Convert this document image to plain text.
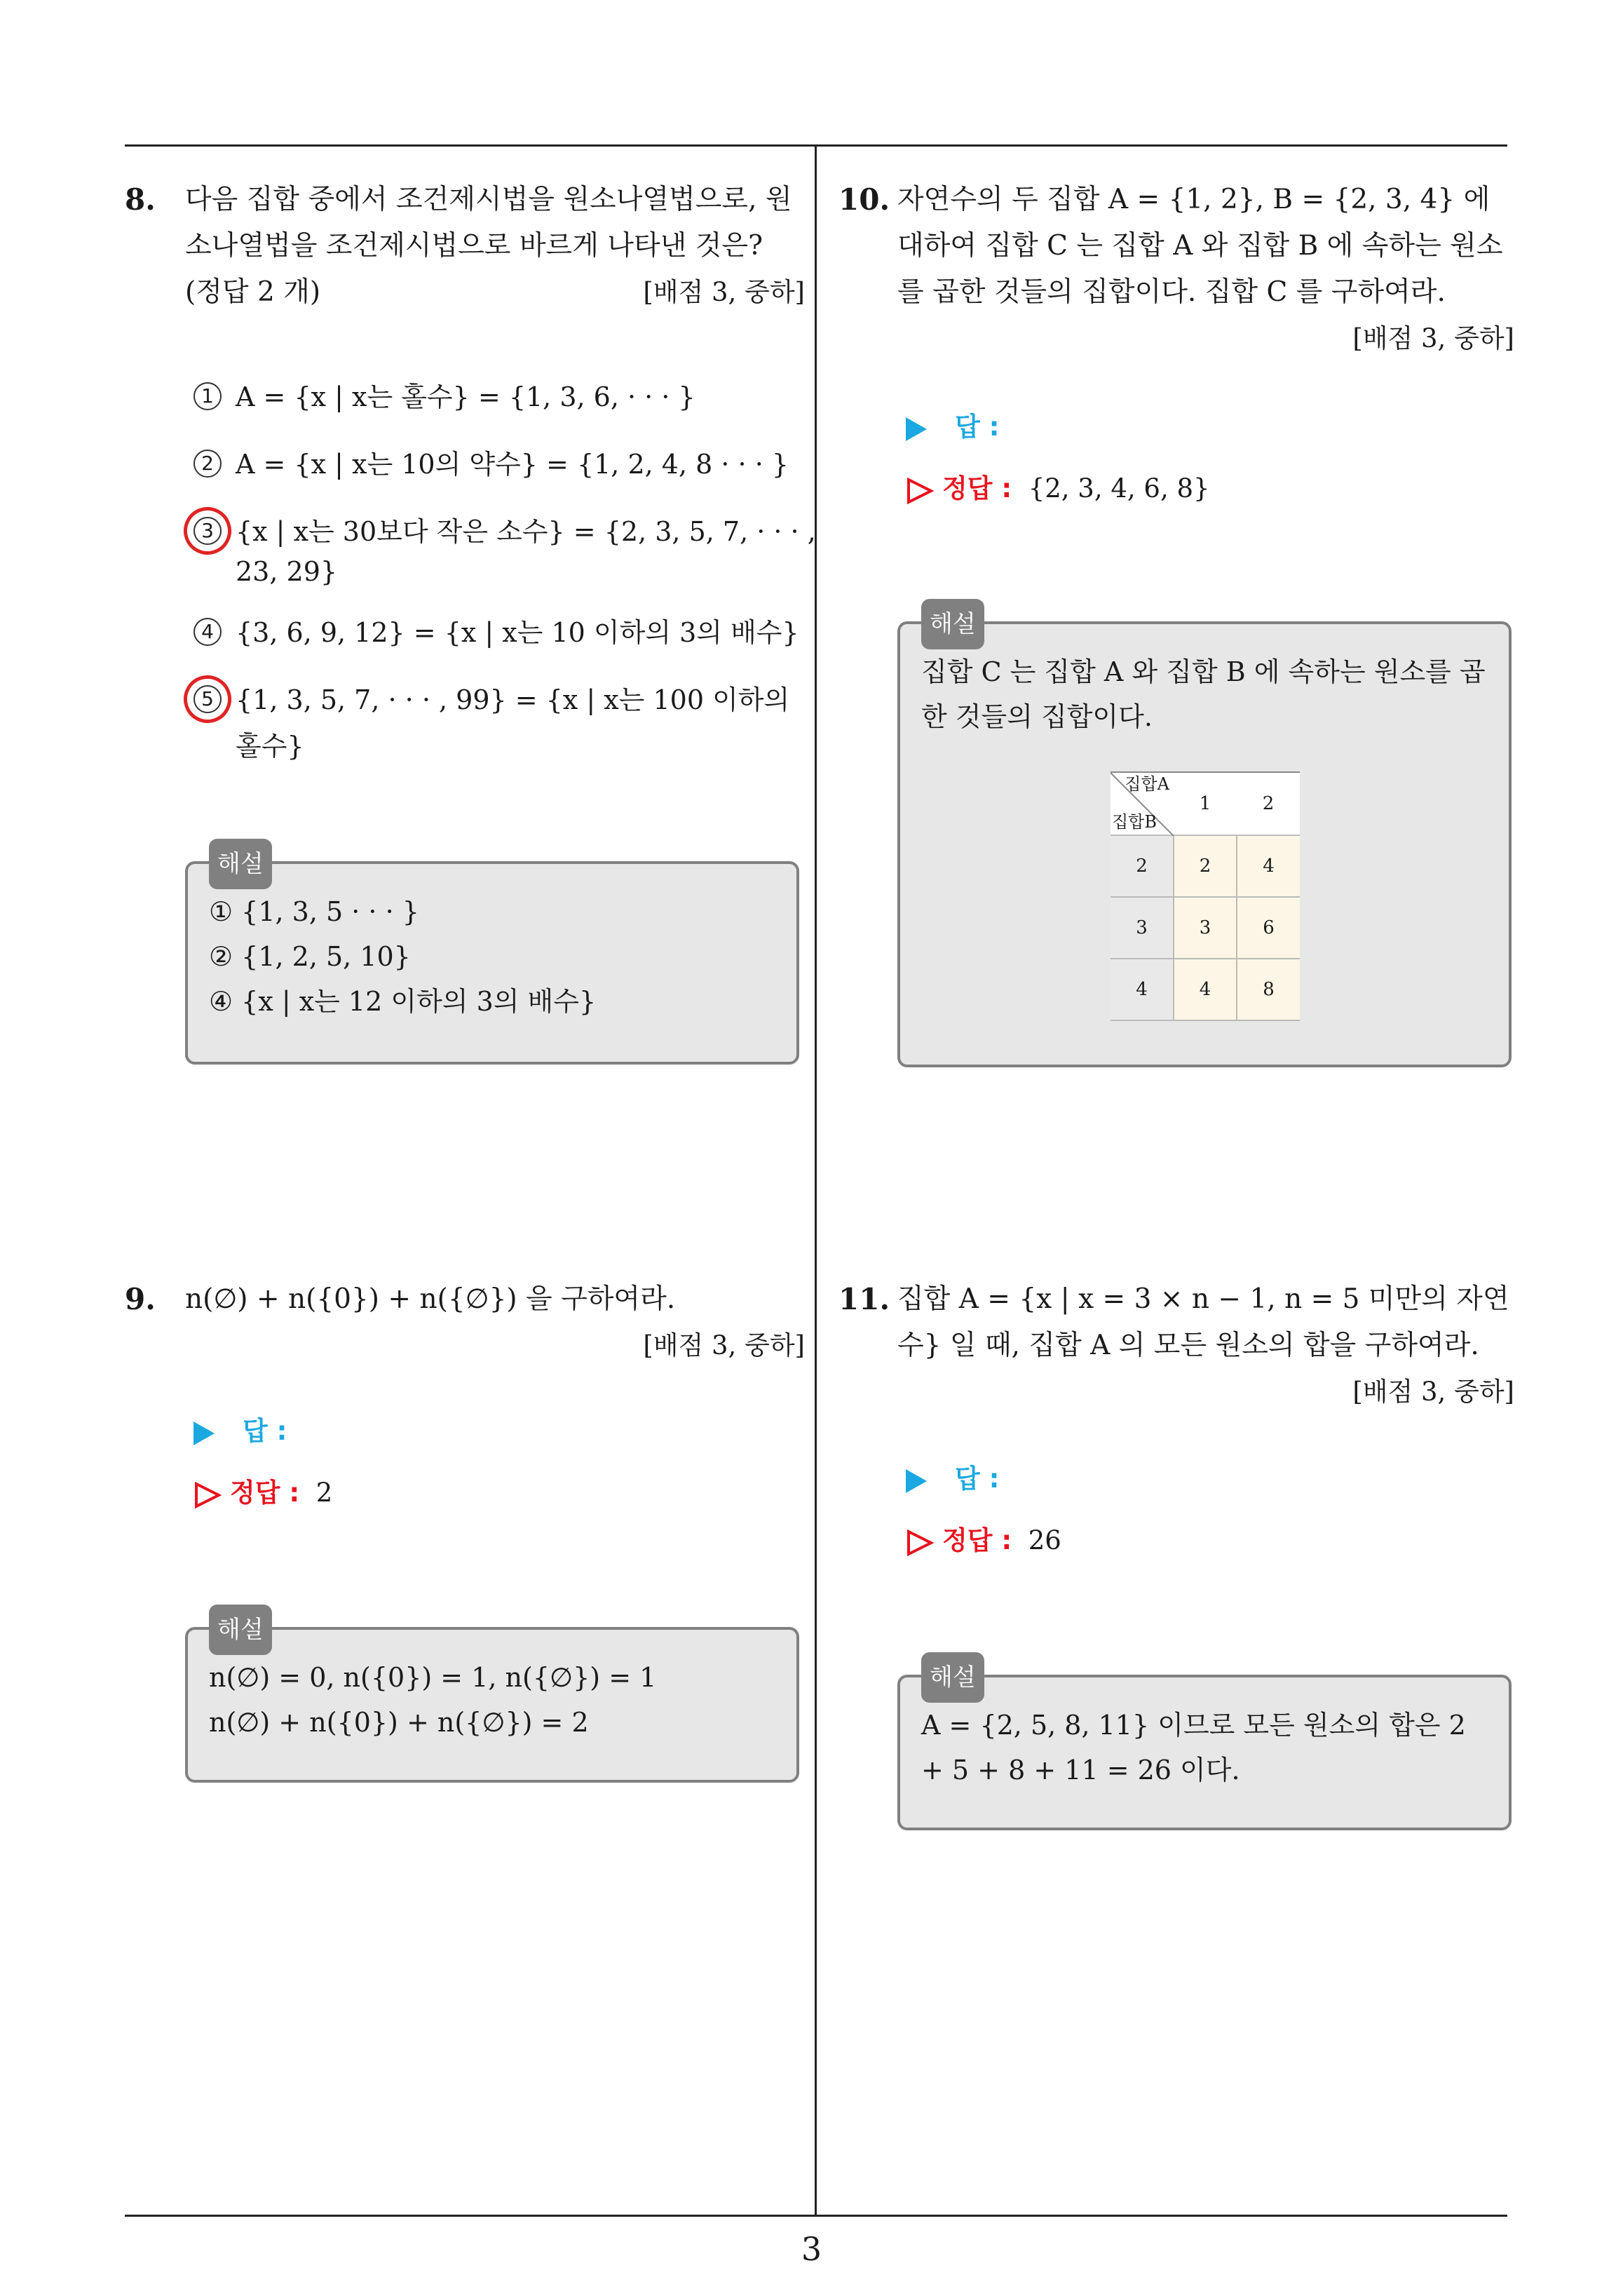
3
8. 다음 집합 중에서 조건제시법을 원소나열법으로, 원소나열법을 조건제시법으로 바르게 나타낸 것은? (정답 2 개)	[배점 3, 중하]
1 A = {x | x는 홀수} = {1, 3, 6, · · · }
2 A = {x | x는 10의 약수} = {1, 2, 4, 8 · · · }
3 {x | x는 30보다 작은 소수} = {2, 3, 5, 7, · · · ,
23, 29}
4 {3, 6, 9, 12} = {x | x는 10 이하의 3의 배수}
5 {1, 3, 5, 7, · · · , 99} = {x | x는 100 이하의
홀수}
해설
① {1, 3, 5 · · · }
② {1, 2, 5, 10}
④ {x | x는 12 이하의 3의 배수}
9. n(∅) + n({0}) + n({∅}) 을 구하여라.
[배점 3, 중하]
답 :
정답 : 2
해설
n(∅) = 0, n({0}) = 1, n({∅}) = 1
n(∅) + n({0}) + n({∅}) = 2
10. 자연수의 두 집합 A = {1, 2}, B = {2, 3, 4} 에 대하여 집합 C 는 집합 A 와 집합 B 에 속하는 원소를 곱한 것들의 집합이다. 집합 C 를 구하여라.
[배점 3, 중하]
답 :
정답 : {2, 3, 4, 6, 8}
해설
집합 C 는 집합 A 와 집합 B 에 속하는 원소를 곱한 것들의 집합이다.
집합A
집합B	1	2
2	2	4
3	3	6
4	4	8
11. 집합 A = {x | x = 3 × n − 1, n = 5 미만의 자연수} 일 때, 집합 A 의 모든 원소의 합을 구하여라.
[배점 3, 중하]
답 :
정답 : 26
해설
A = {2, 5, 8, 11} 이므로 모든 원소의 합은 2 + 5 + 8 + 11 = 26 이다.
